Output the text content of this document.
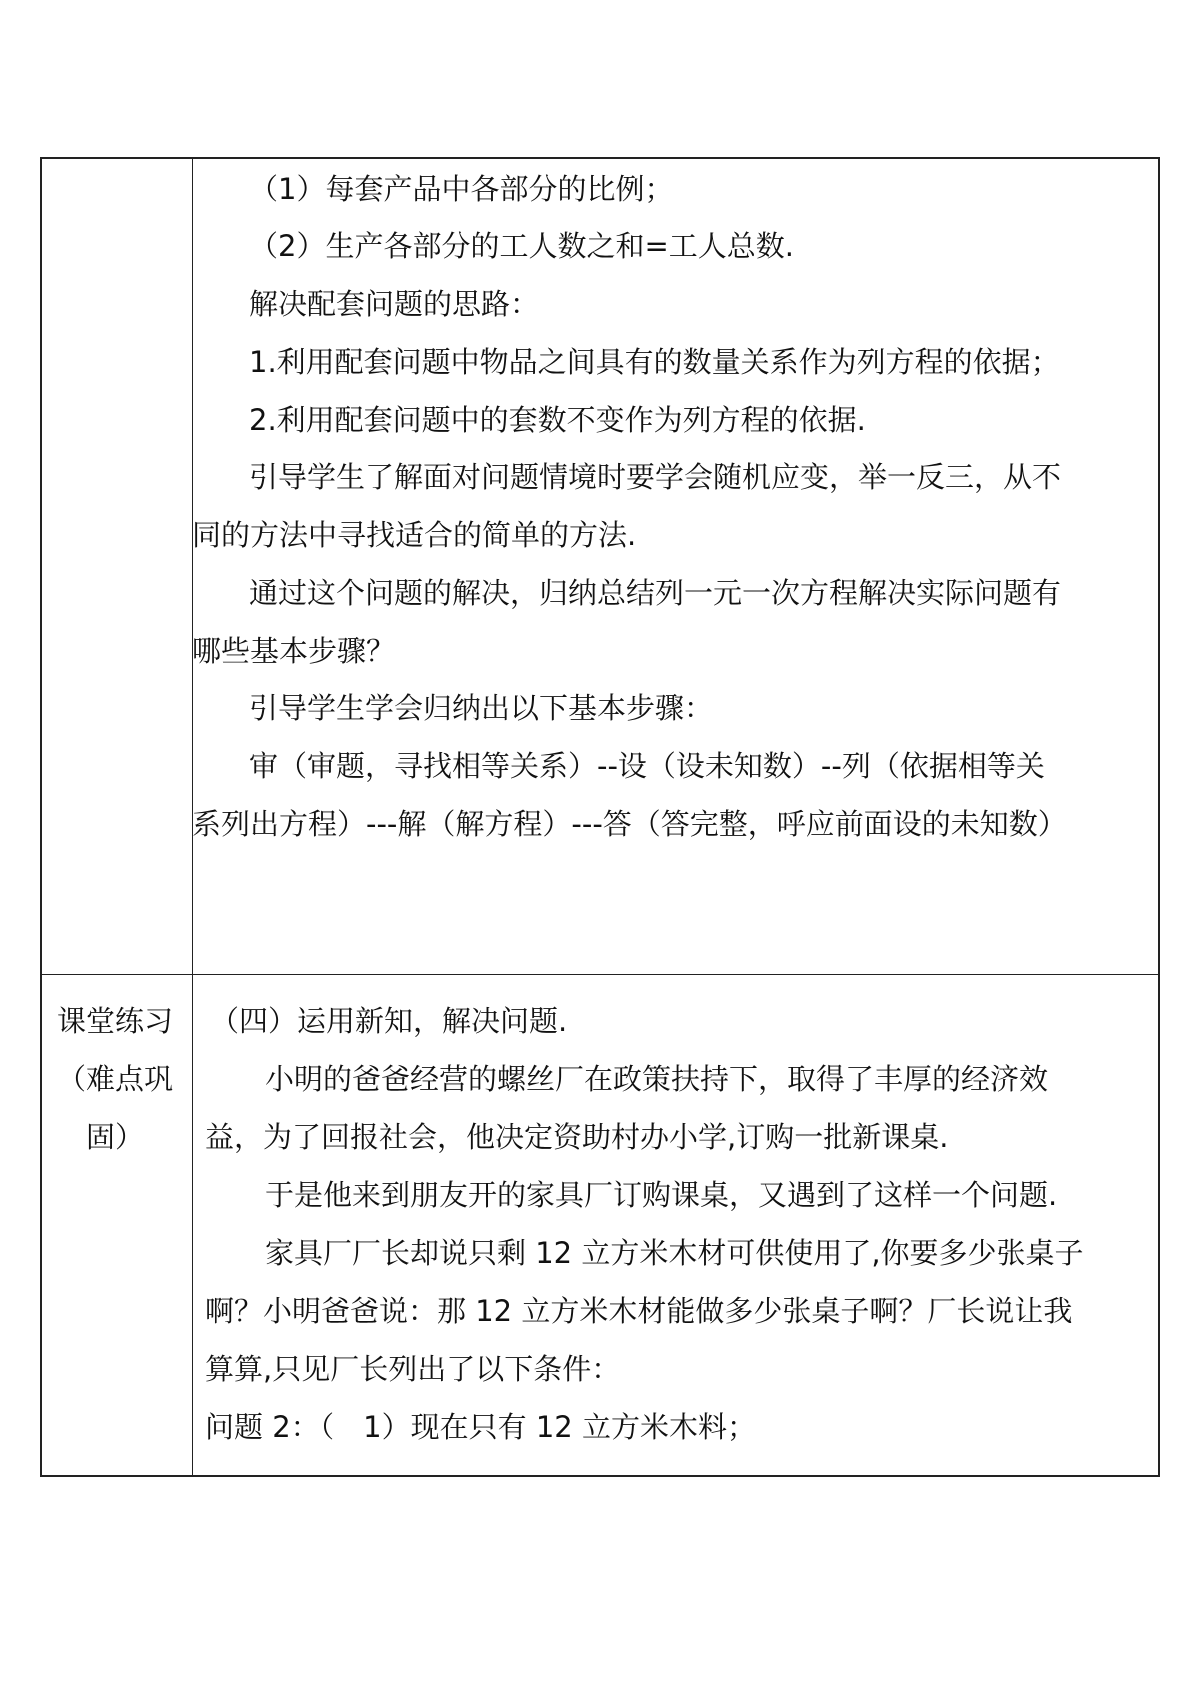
（1）每套产品中各部分的比例；
（2）生产各部分的工人数之和=工人总数.
解决配套问题的思路：
1.利用配套问题中物品之间具有的数量关系作为列方程的依据；
2.利用配套问题中的套数不变作为列方程的依据.
引导学生了解面对问题情境时要学会随机应变，举一反三，从不
同的方法中寻找适合的简单的方法.
通过这个问题的解决，归纳总结列一元一次方程解决实际问题有
哪些基本步骤？
引导学生学会归纳出以下基本步骤：
审（审题，寻找相等关系）--设（设未知数）--列（依据相等关
系列出方程）---解（解方程）---答（答完整，呼应前面设的未知数）
课堂练习
（难点巩
固）
（四）运用新知，解决问题.
小明的爸爸经营的螺丝厂在政策扶持下，取得了丰厚的经济效
益，为了回报社会，他决定资助村办小学,订购一批新课桌.
于是他来到朋友开的家具厂订购课桌，又遇到了这样一个问题.
家具厂厂长却说只剩 12 立方米木材可供使用了,你要多少张桌子
啊？小明爸爸说：那 12 立方米木材能做多少张桌子啊？厂长说让我
算算,只见厂长列出了以下条件：
问题 2：（　1）现在只有 12 立方米木料；
